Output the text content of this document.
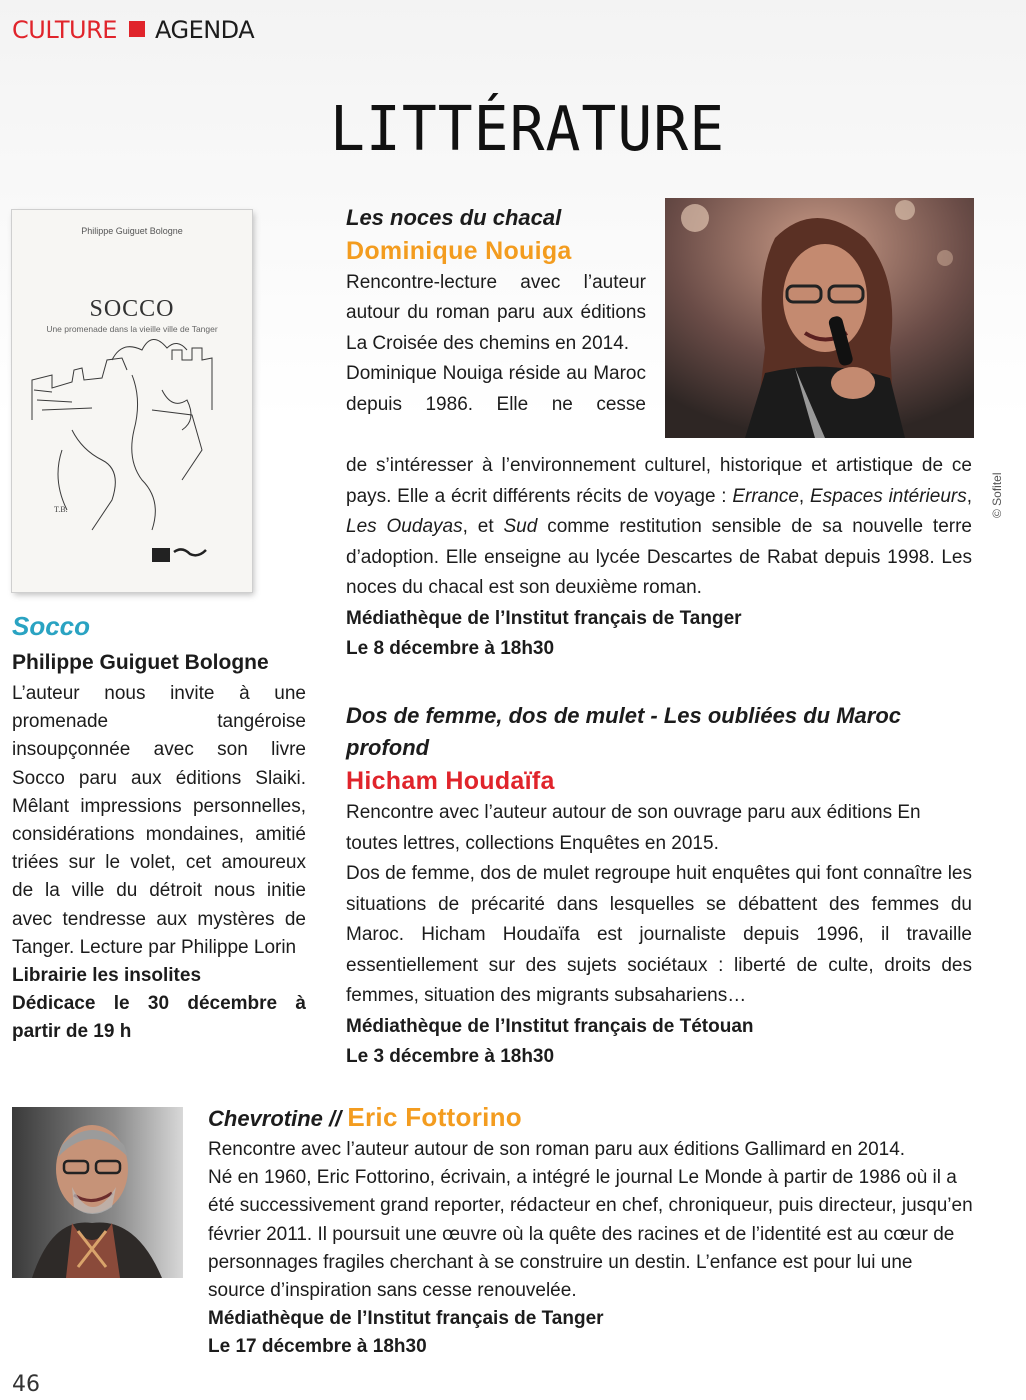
CULTURE AGENDA
LITTÉRATURE
Philippe Guiguet Bologne
SOCCO
Une promenade dans la vieille ville de Tanger
T.B.

Socco

Philippe Guiguet Bologne

L’auteur nous invite à une promenade tangéroise insoupçonnée avec son livre Socco paru aux éditions Slaiki. Mêlant impressions personnelles, considérations mondaines, amitié triées sur le volet, cet amoureux de la ville du détroit nous initie avec tendresse aux mystères de Tanger. Lecture par Philippe Lorin

Librairie les insolites

Dédicace le 30 décembre à partir de 19 h

Les noces du chacal

Dominique Nouiga

Rencontre-lecture avec l’auteur autour du roman paru aux éditions La Croisée des chemins en 2014.

Dominique Nouiga réside au Maroc depuis 1986. Elle ne cesse

© Sofitel

de s’intéresser à l’environnement culturel, historique et artistique de ce pays. Elle a écrit différents récits de voyage : Errance, Espaces intérieurs, Les Oudayas, et Sud comme restitution sensible de sa nouvelle terre d’adoption. Elle enseigne au lycée Descartes de Rabat depuis 1998. Les noces du chacal est son deuxième roman.

Médiathèque de l’Institut français de Tanger

Le 8 décembre à 18h30

Dos de femme, dos de mulet - Les oubliées du Maroc profond

Hicham Houdaïfa

Rencontre avec l’auteur autour de son ouvrage paru aux éditions En toutes lettres, collections Enquêtes en 2015.

Dos de femme, dos de mulet regroupe huit enquêtes qui font connaître les situations de précarité dans lesquelles se débattent des femmes du Maroc. Hicham Houdaïfa est journaliste depuis 1996, il travaille essentiellement sur des sujets sociétaux : liberté de culte, droits des femmes, situation des migrants subsahariens…

Médiathèque de l’Institut français de Tétouan

Le 3 décembre à 18h30

Chevrotine // Eric Fottorino

Rencontre avec l’auteur autour de son roman paru aux éditions Gallimard en 2014.

Né en 1960, Eric Fottorino, écrivain, a intégré le journal Le Monde à partir de 1986 où il a été successivement grand reporter, rédacteur en chef, chroniqueur, puis directeur, jusqu’en février 2011. Il poursuit une œuvre où la quête des racines et de l’identité est au cœur de personnages fragiles cherchant à se construire un destin. L’enfance est pour lui une source d’inspiration sans cesse renouvelée.

Médiathèque de l’Institut français de Tanger

Le 17 décembre à 18h30

46
